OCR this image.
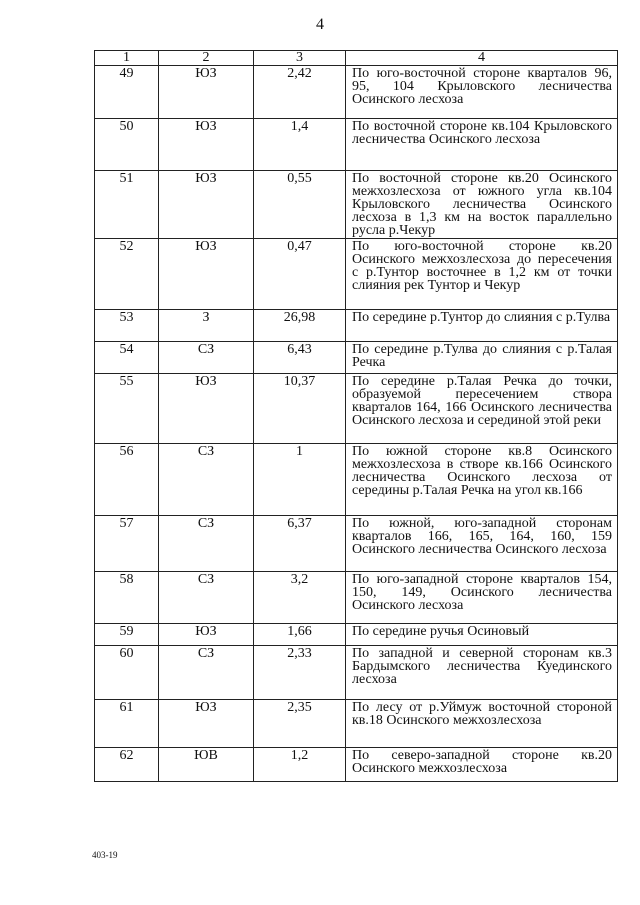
4
1	2	3	4
49	ЮЗ	2,42	По юго-восточной стороне кварталов 96, 95, 104 Крыловского лесничества Осинского лесхоза
50	ЮЗ	1,4	По восточной стороне кв.104 Крыловского лесничества Осинского лесхоза
51	ЮЗ	0,55	По восточной стороне кв.20 Осинского межхозлесхоза от южного угла кв.104 Крыловского лесничества Осинского лесхоза в 1,3 км на восток параллельно русла р.Чекур
52	ЮЗ	0,47	По юго-восточной стороне кв.20 Осинского межхозлесхоза до пересечения с р.Тунтор восточнее в 1,2 км от точки слияния рек Тунтор и Чекур
53	З	26,98	По середине р.Тунтор до слияния с р.Тулва
54	СЗ	6,43	По середине р.Тулва до слияния с р.Талая Речка
55	ЮЗ	10,37	По середине р.Талая Речка до точки, образуемой пересечением створа кварталов 164, 166 Осинского лесничества Осинского лесхоза и серединой этой реки
56	СЗ	1	По южной стороне кв.8 Осинского межхозлесхоза в створе кв.166 Осинского лесничества Осинского лесхоза от середины р.Талая Речка на угол кв.166
57	СЗ	6,37	По южной, юго-западной сторонам кварталов 166, 165, 164, 160, 159 Осинского лесничества Осинского лесхоза
58	СЗ	3,2	По юго-западной стороне кварталов 154, 150, 149, Осинского лесничества Осинского лесхоза
59	ЮЗ	1,66	По середине ручья Осиновый
60	СЗ	2,33	По западной и северной сторонам кв.3 Бардымского лесничества Куединского лесхоза
61	ЮЗ	2,35	По лесу от р.Уймуж восточной стороной кв.18 Осинского межхозлесхоза
62	ЮВ	1,2	По северо-западной стороне кв.20 Осинского межхозлесхоза
403-19
